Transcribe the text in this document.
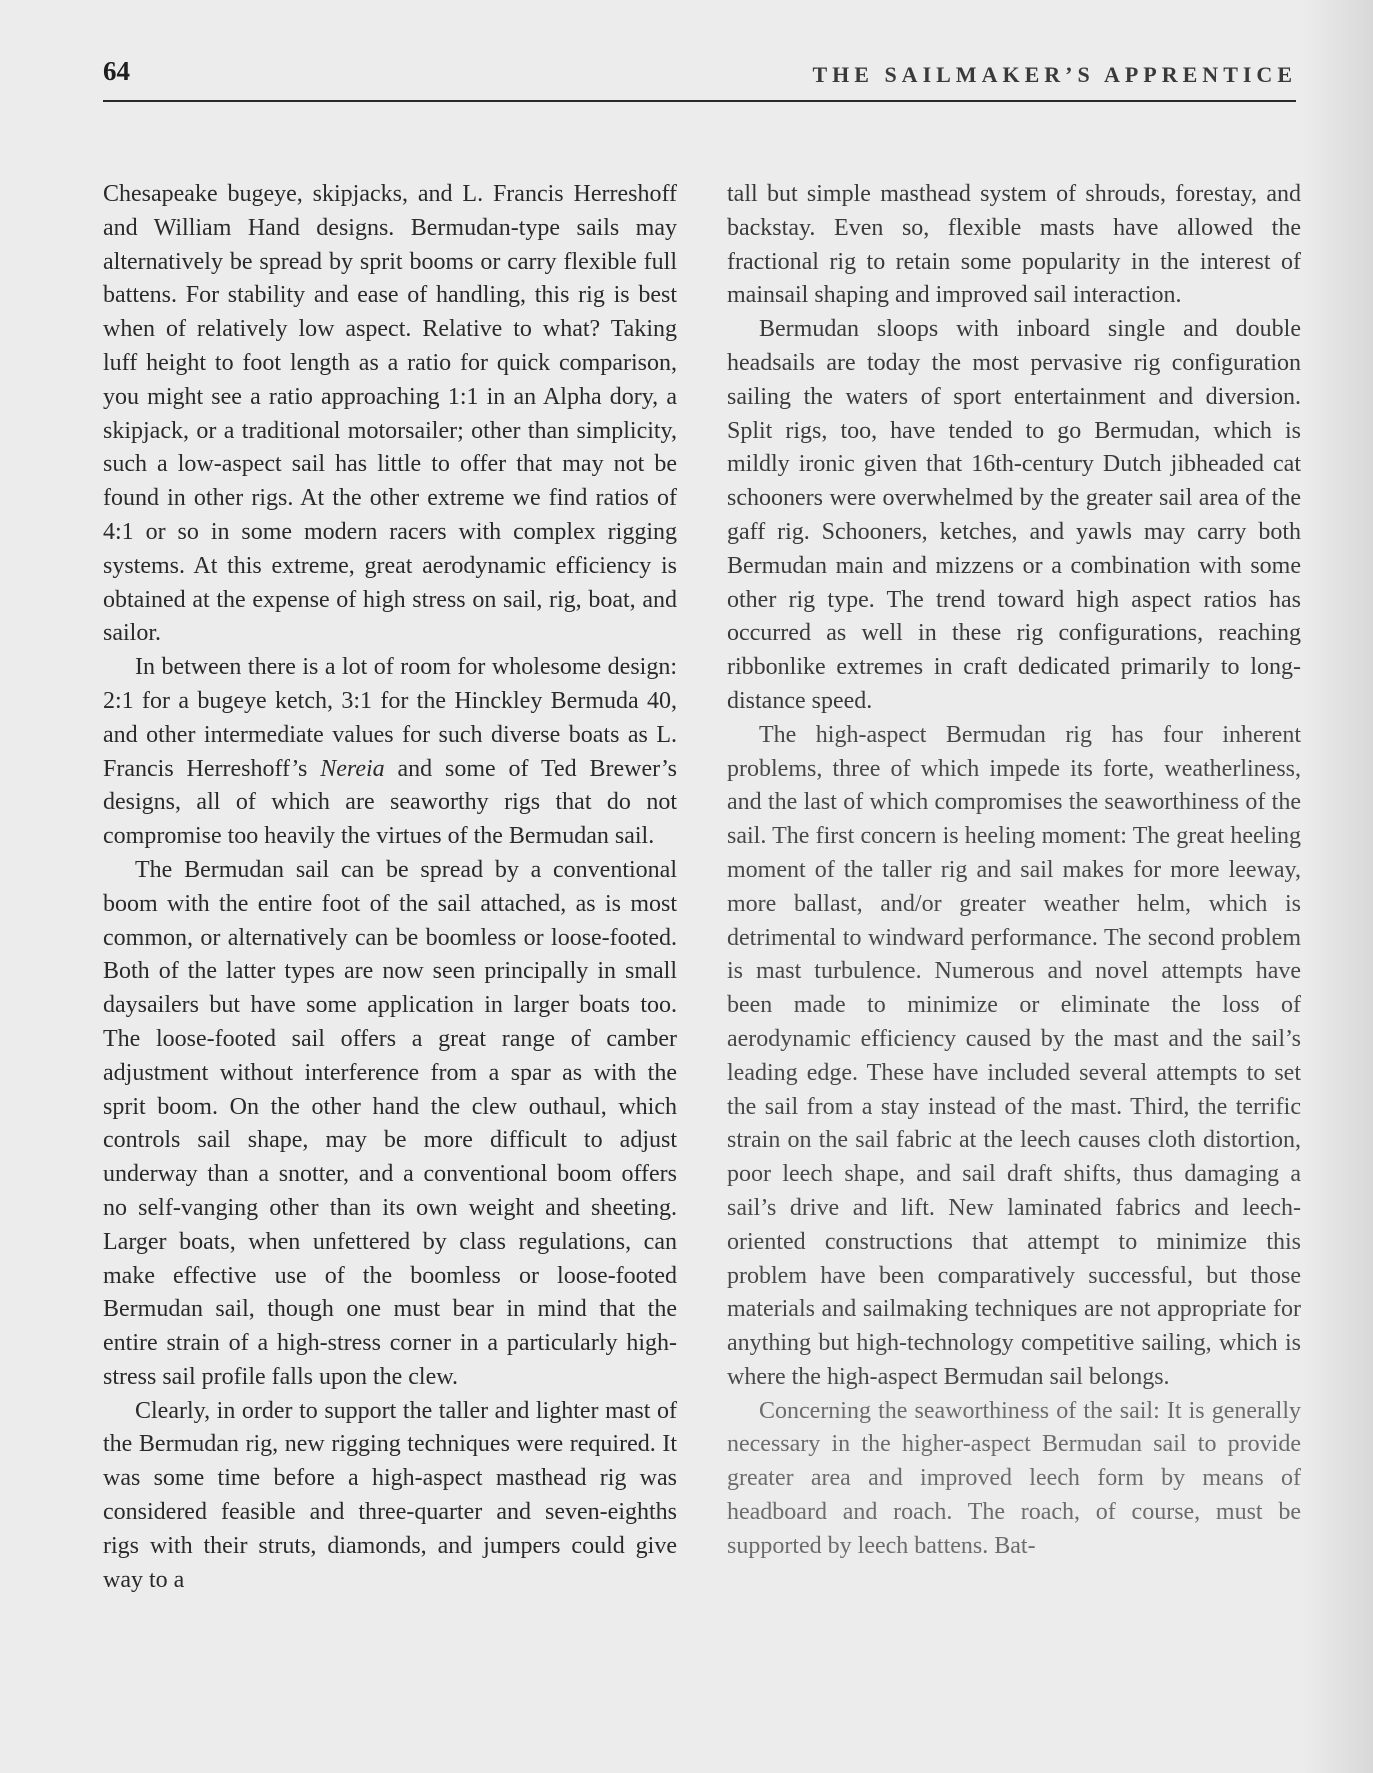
64	THE SAILMAKER’S APPRENTICE

Chesapeake bugeye, skipjacks, and L. Francis Herreshoff and William Hand designs. Bermudan-type sails may alternatively be spread by sprit booms or carry flexible full battens. For stability and ease of handling, this rig is best when of relatively low aspect. Relative to what? Taking luff height to foot length as a ratio for quick comparison, you might see a ratio approaching 1:1 in an Alpha dory, a skipjack, or a traditional motorsailer; other than simplicity, such a low-aspect sail has little to offer that may not be found in other rigs. At the other extreme we find ratios of 4:1 or so in some modern racers with complex rigging systems. At this extreme, great aerodynamic efficiency is obtained at the expense of high stress on sail, rig, boat, and sailor.

In between there is a lot of room for wholesome design: 2:1 for a bugeye ketch, 3:1 for the Hinckley Bermuda 40, and other intermediate values for such diverse boats as L. Francis Herreshoff’s Nereia and some of Ted Brewer’s designs, all of which are seaworthy rigs that do not compromise too heavily the virtues of the Bermudan sail.

The Bermudan sail can be spread by a conventional boom with the entire foot of the sail attached, as is most common, or alternatively can be boomless or loose-footed. Both of the latter types are now seen principally in small daysailers but have some application in larger boats too. The loose-footed sail offers a great range of camber adjustment without interference from a spar as with the sprit boom. On the other hand the clew outhaul, which controls sail shape, may be more difficult to adjust underway than a snotter, and a conventional boom offers no self-vanging other than its own weight and sheeting. Larger boats, when unfettered by class regulations, can make effective use of the boomless or loose-footed Bermudan sail, though one must bear in mind that the entire strain of a high-stress corner in a particularly high-stress sail profile falls upon the clew.

Clearly, in order to support the taller and lighter mast of the Bermudan rig, new rigging techniques were required. It was some time before a high-aspect masthead rig was considered feasible and three-quarter and seven-eighths rigs with their struts, diamonds, and jumpers could give way to a

tall but simple masthead system of shrouds, forestay, and backstay. Even so, flexible masts have allowed the fractional rig to retain some popularity in the interest of mainsail shaping and improved sail interaction.

Bermudan sloops with inboard single and double headsails are today the most pervasive rig configuration sailing the waters of sport entertainment and diversion. Split rigs, too, have tended to go Bermudan, which is mildly ironic given that 16th-century Dutch jibheaded cat schooners were overwhelmed by the greater sail area of the gaff rig. Schooners, ketches, and yawls may carry both Bermudan main and mizzens or a combination with some other rig type. The trend toward high aspect ratios has occurred as well in these rig configurations, reaching ribbonlike extremes in craft dedicated primarily to long-distance speed.

The high-aspect Bermudan rig has four inherent problems, three of which impede its forte, weatherliness, and the last of which compromises the seaworthiness of the sail. The first concern is heeling moment: The great heeling moment of the taller rig and sail makes for more leeway, more ballast, and/or greater weather helm, which is detrimental to windward performance. The second problem is mast turbulence. Numerous and novel attempts have been made to minimize or eliminate the loss of aerodynamic efficiency caused by the mast and the sail’s leading edge. These have included several attempts to set the sail from a stay instead of the mast. Third, the terrific strain on the sail fabric at the leech causes cloth distortion, poor leech shape, and sail draft shifts, thus damaging a sail’s drive and lift. New laminated fabrics and leech-oriented constructions that attempt to minimize this problem have been comparatively successful, but those materials and sailmaking techniques are not appropriate for anything but high-technology competitive sailing, which is where the high-aspect Bermudan sail belongs.

Concerning the seaworthiness of the sail: It is generally necessary in the higher-aspect Bermudan sail to provide greater area and improved leech form by means of headboard and roach. The roach, of course, must be supported by leech battens. Bat-
